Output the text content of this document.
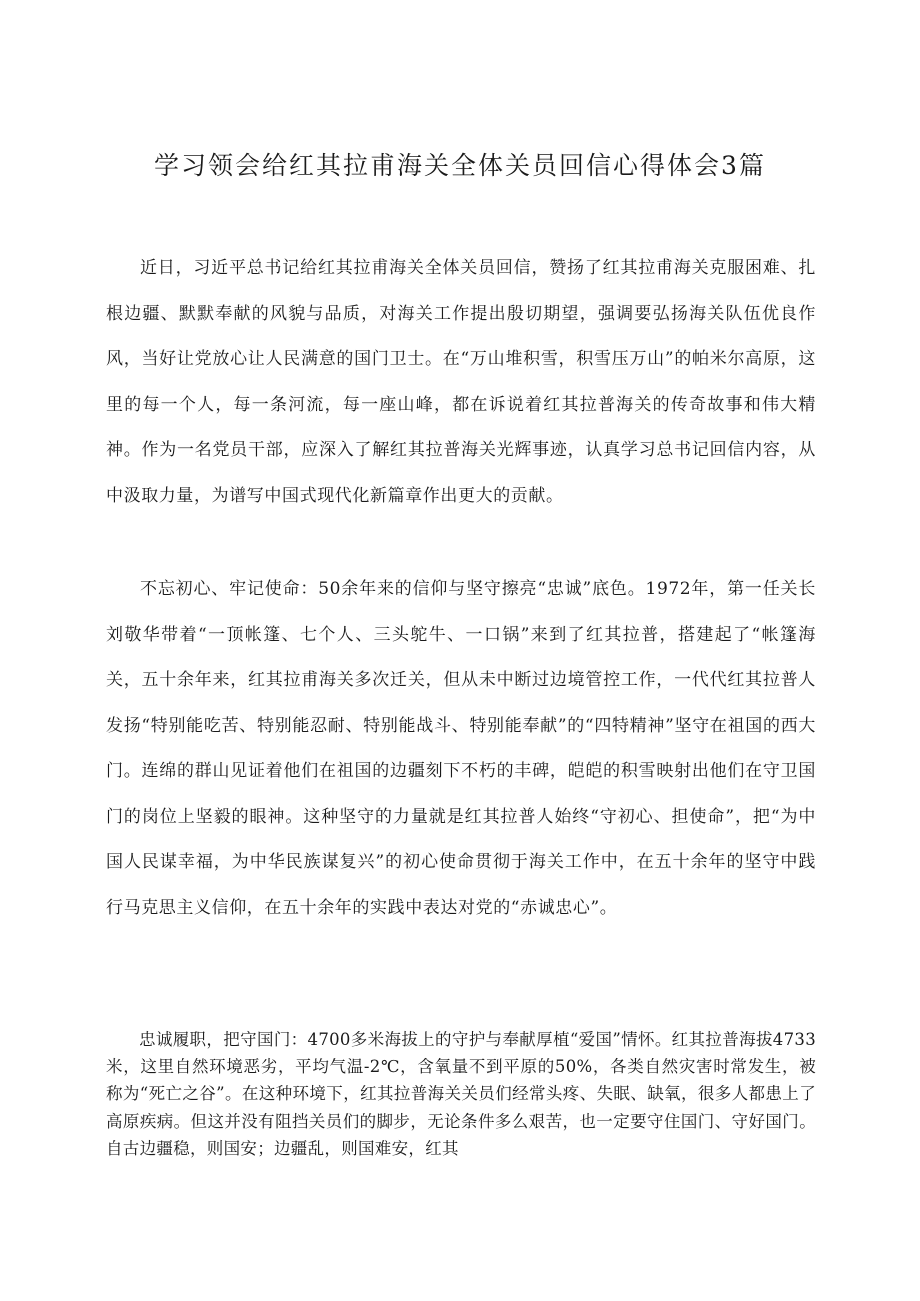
学习领会给红其拉甫海关全体关员回信心得体会3篇

近日，习近平总书记给红其拉甫海关全体关员回信，赞扬了红其拉甫海关克服困难、扎根边疆、默默奉献的风貌与品质，对海关工作提出殷切期望，强调要弘扬海关队伍优良作风，当好让党放心让人民满意的国门卫士。在“万山堆积雪，积雪压万山”的帕米尔高原，这里的每一个人，每一条河流，每一座山峰，都在诉说着红其拉普海关的传奇故事和伟大精神。作为一名党员干部，应深入了解红其拉普海关光辉事迹，认真学习总书记回信内容，从中汲取力量，为谱写中国式现代化新篇章作出更大的贡献。

不忘初心、牢记使命：50余年来的信仰与坚守擦亮“忠诚”底色。1972年，第一任关长刘敬华带着“一顶帐篷、七个人、三头鸵牛、一口锅”来到了红其拉普，搭建起了“帐篷海关，五十余年来，红其拉甫海关多次迁关，但从未中断过边境管控工作，一代代红其拉普人发扬“特别能吃苦、特别能忍耐、特别能战斗、特别能奉献”的“四特精神”坚守在祖国的西大门。连绵的群山见证着他们在祖国的边疆刻下不朽的丰碑，皑皑的积雪映射出他们在守卫国门的岗位上坚毅的眼神。这种坚守的力量就是红其拉普人始终“守初心、担使命”，把“为中国人民谋幸福，为中华民族谋复兴”的初心使命贯彻于海关工作中，在五十余年的坚守中践行马克思主义信仰，在五十余年的实践中表达对党的“赤诚忠心”。

忠诚履职，把守国门：4700多米海拔上的守护与奉献厚植“爱国”情怀。红其拉普海拔4733米，这里自然环境恶劣，平均气温-2℃，含氧量不到平原的50%，各类自然灾害时常发生，被称为“死亡之谷”。在这种环境下，红其拉普海关关员们经常头疼、失眠、缺氧，很多人都患上了高原疾病。但这并没有阻挡关员们的脚步，无论条件多么艰苦，也一定要守住国门、守好国门。自古边疆稳，则国安；边疆乱，则国难安，红其
